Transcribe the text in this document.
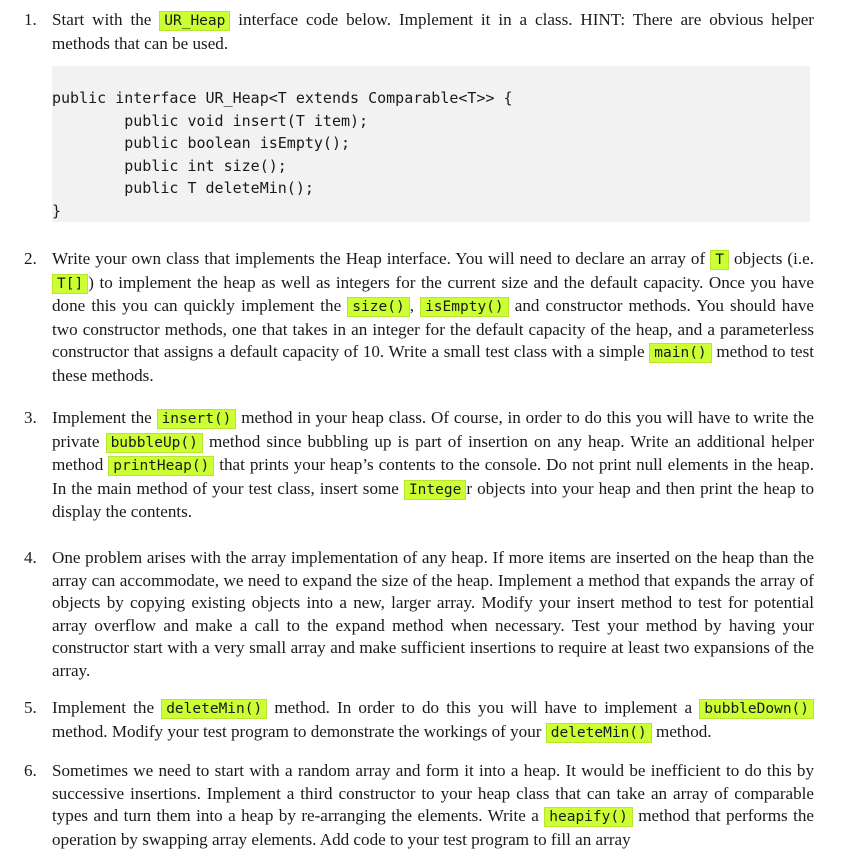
1. Start with the UR_Heap interface code below. Implement it in a class. HINT: There are obvious helper methods that can be used.
public interface UR_Heap<T extends Comparable<T>> {
public void insert(T item);
public boolean isEmpty();
public int size();
public T deleteMin();
}
2. Write your own class that implements the Heap interface. You will need to declare an array of T objects (i.e. T[] ) to implement the heap as well as integers for the current size and the default capacity. Once you have done this you can quickly implement the size() , isEmpty() and constructor methods. You should have two constructor methods, one that takes in an integer for the default capacity of the heap, and a parameterless constructor that assigns a default capacity of 10. Write a small test class with a simple main() method to test these methods.
3. Implement the insert() method in your heap class. Of course, in order to do this you will have to write the private bubbleUp() method since bubbling up is part of insertion on any heap. Write an additional helper method printHeap() that prints your heap’s contents to the console. Do not print null elements in the heap. In the main method of your test class, insert some Intege r objects into your heap and then print the heap to display the contents.
4. One problem arises with the array implementation of any heap. If more items are inserted on the heap than the array can accommodate, we need to expand the size of the heap. Implement a method that expands the array of objects by copying existing objects into a new, larger array. Modify your insert method to test for potential array overflow and make a call to the expand method when necessary. Test your method by having your constructor start with a very small array and make sufficient insertions to require at least two expansions of the array.
5. Implement the deleteMin() method. In order to do this you will have to implement a bubbleDown() method. Modify your test program to demonstrate the workings of your deleteMin() method.
6. Sometimes we need to start with a random array and form it into a heap. It would be inefficient to do this by successive insertions. Implement a third constructor to your heap class that can take an array of comparable types and turn them into a heap by re-arranging the elements. Write a heapify() method that performs the operation by swapping array elements. Add code to your test program to fill an array
